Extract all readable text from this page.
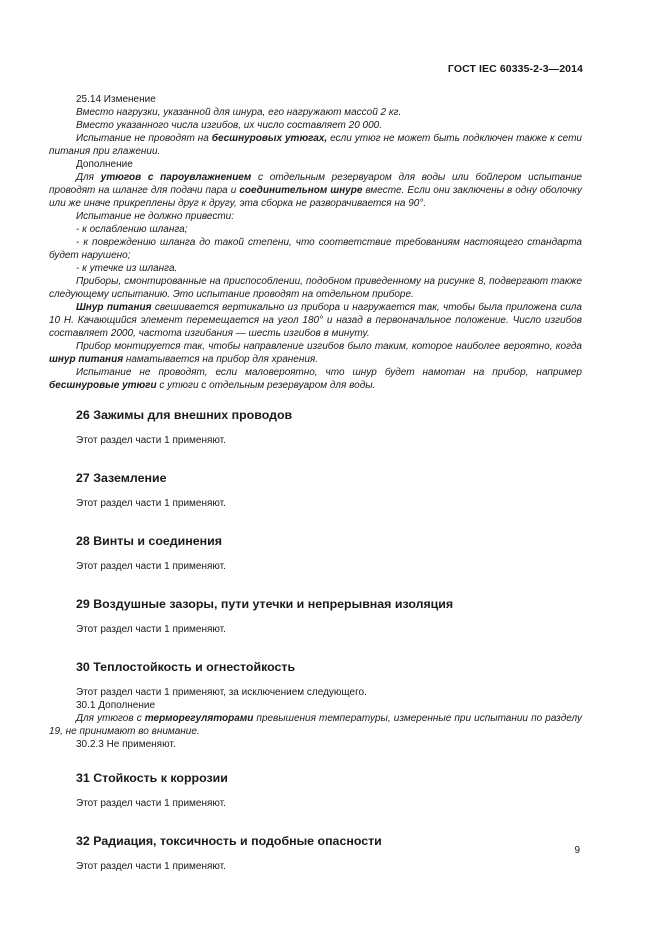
ГОСТ IEC 60335-2-3—2014

25.14 Изменение

Вместо нагрузки, указанной для шнура, его нагружают массой 2 кг.

Вместо указанного числа изгибов, их число составляет 20 000.

Испытание не проводят на бесшнуровых утюгах, если утюг не может быть подключен также к сети питания при глажении.

Дополнение

Для утюгов с пароувлажнением с отдельным резервуаром для воды или бойлером испытание проводят на шланге для подачи пара и соединительном шнуре вместе. Если они заключены в одну оболочку или же иначе прикреплены друг к другу, эта сборка не разворачивается на 90°.

Испытание не должно привести:

- к ослаблению шланга;

- к повреждению шланга до такой степени, что соответствие требованиям настоящего стандарта будет нарушено;

- к утечке из шланга.

Приборы, смонтированные на приспособлении, подобном приведенному на рисунке 8, подвергают также следующему испытанию. Это испытание проводят на отдельном приборе.

Шнур питания свешивается вертикально из прибора и нагружается так, чтобы была приложена сила 10 Н. Качающийся элемент перемещается на угол 180° и назад в первоначальное положение. Число изгибов составляет 2000, частота изгибания — шесть изгибов в минуту.

Прибор монтируется так, чтобы направление изгибов было таким, которое наиболее вероятно, когда шнур питания наматывается на прибор для хранения.

Испытание не проводят, если маловероятно, что шнур будет намотан на прибор, например бесшнуровые утюги с утюги с отдельным резервуаром для воды.

26 Зажимы для внешних проводов

Этот раздел части 1 применяют.

27 Заземление

Этот раздел части 1 применяют.

28 Винты и соединения

Этот раздел части 1 применяют.

29 Воздушные зазоры, пути утечки и непрерывная изоляция

Этот раздел части 1 применяют.

30 Теплостойкость и огнестойкость

Этот раздел части 1 применяют, за исключением следующего.

30.1 Дополнение

Для утюгов с терморегуляторами превышения температуры, измеренные при испытании по разделу 19, не принимают во внимание.

30.2.3 Не применяют.

31 Стойкость к коррозии

Этот раздел части 1 применяют.

32 Радиация, токсичность и подобные опасности

Этот раздел части 1 применяют.

9
